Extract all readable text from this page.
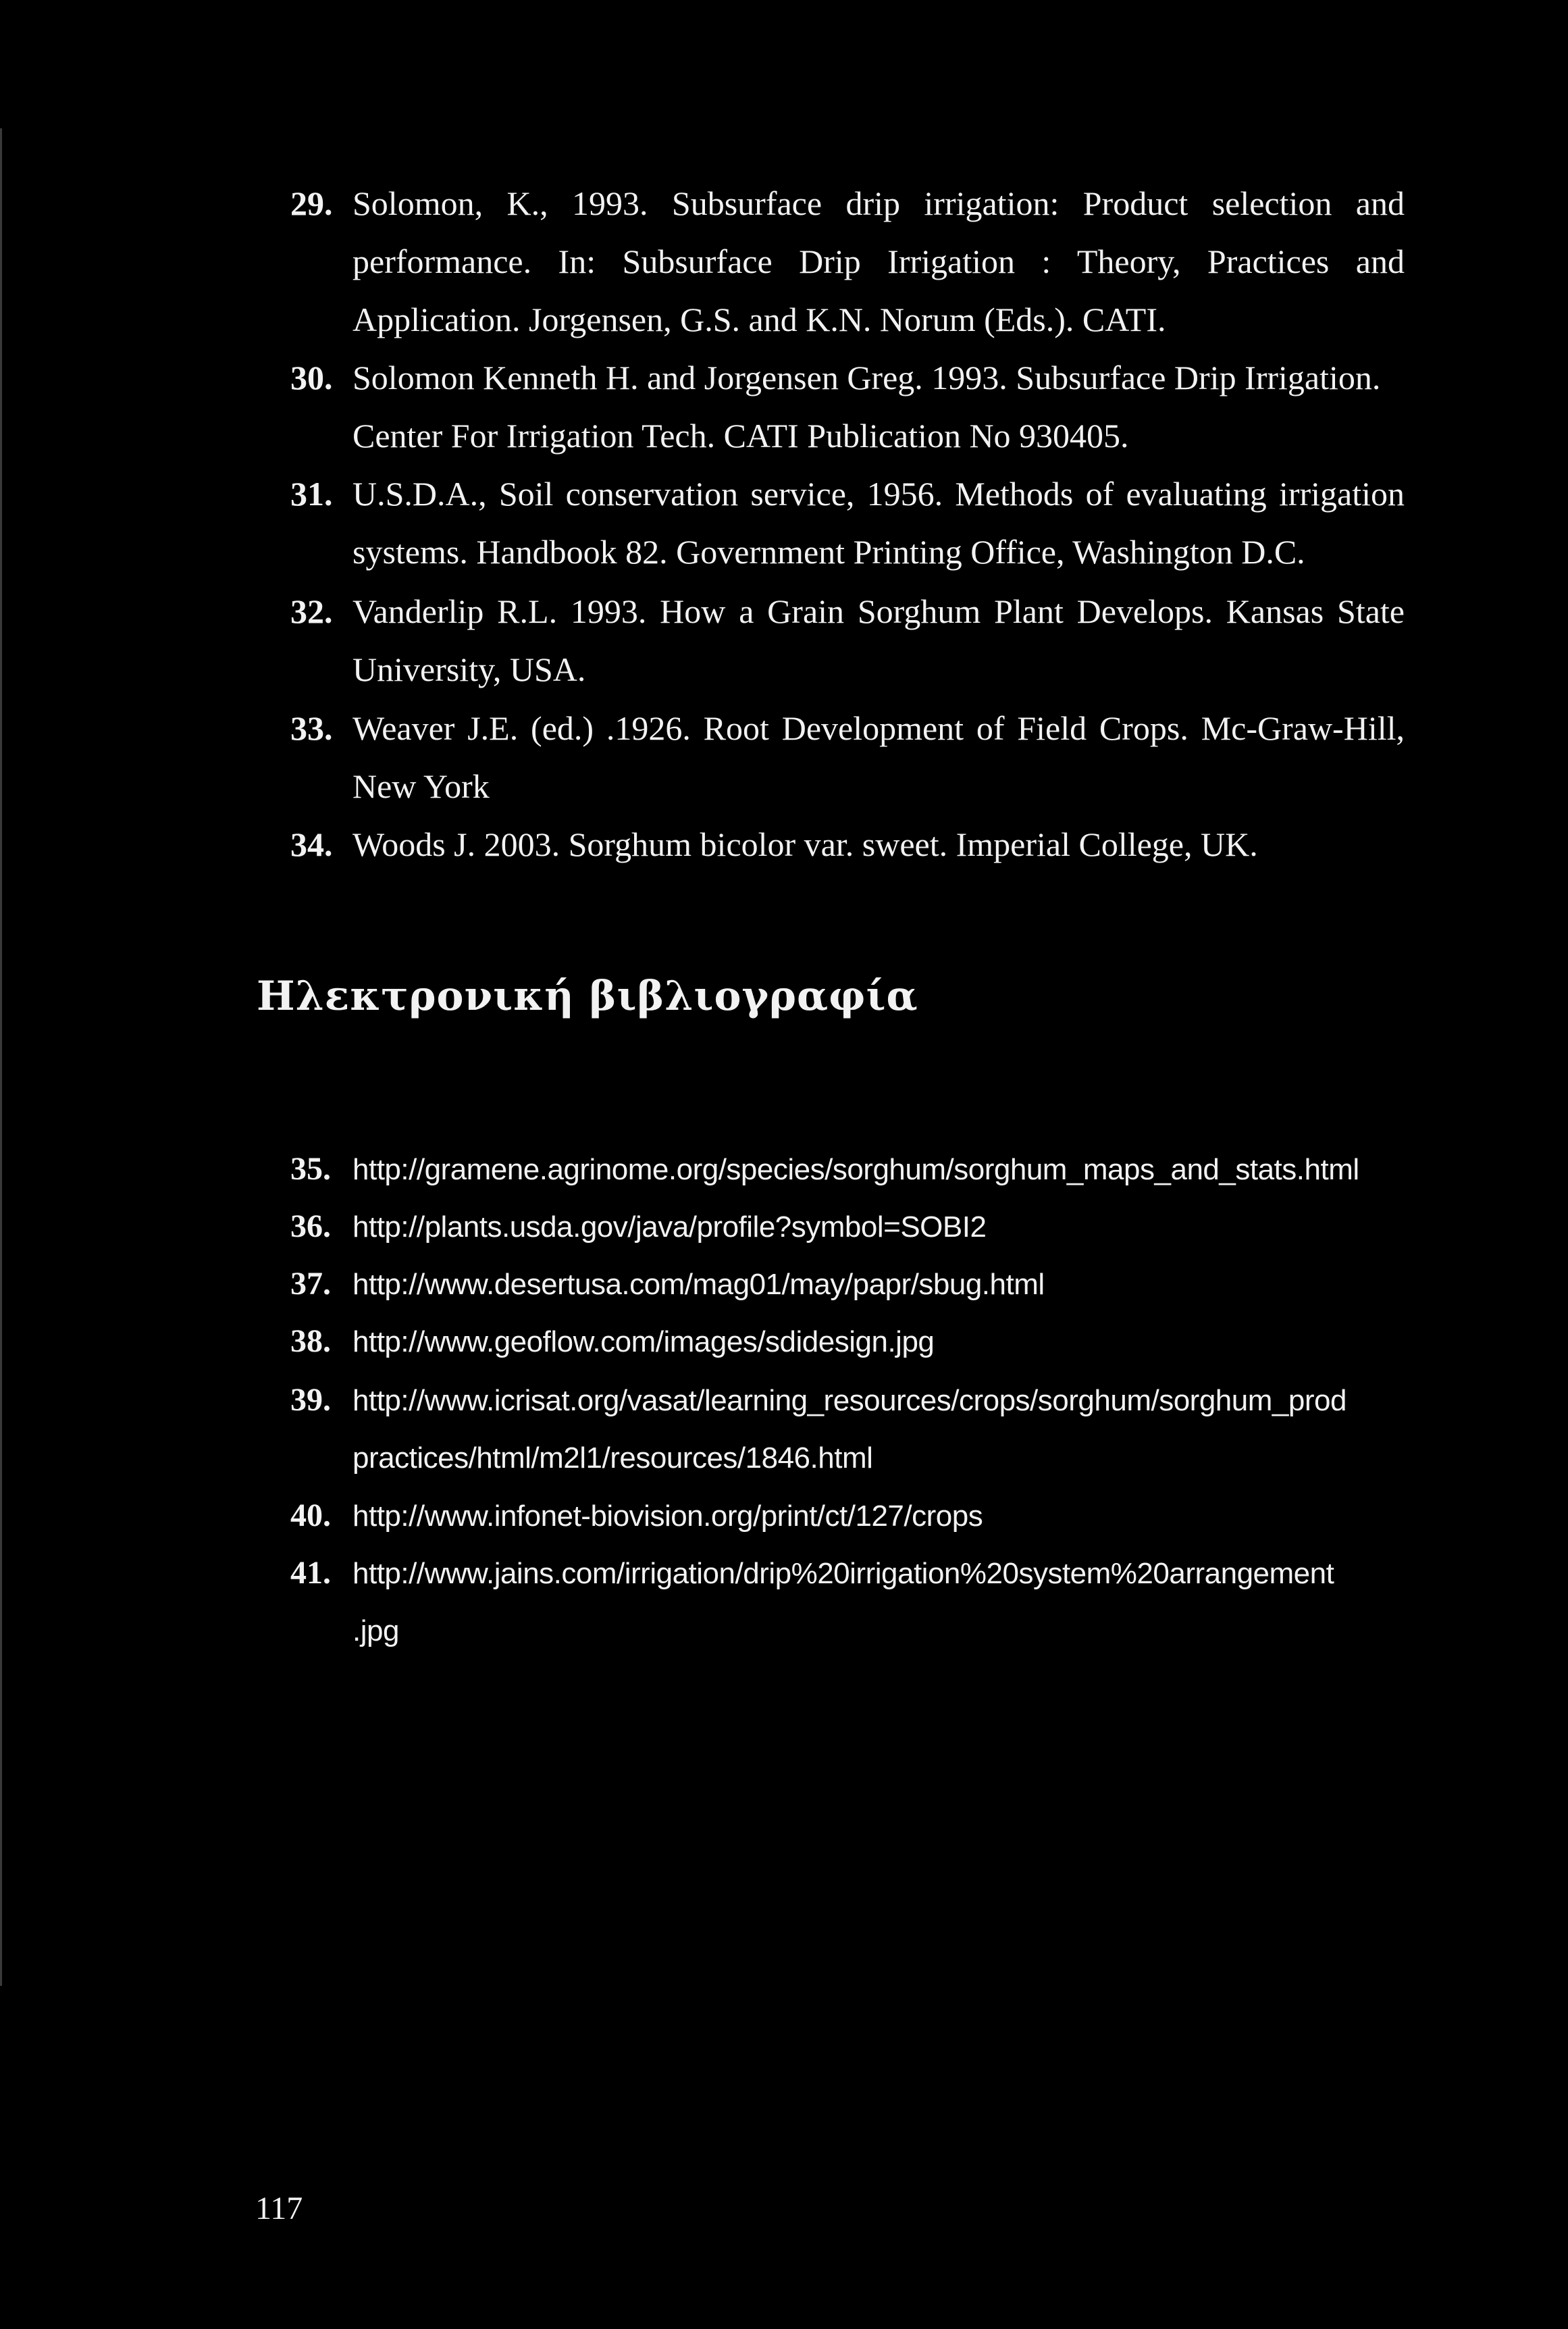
29. Solomon, K., 1993. Subsurface drip irrigation: Product selection and
performance. In: Subsurface Drip Irrigation : Theory, Practices and
Application. Jorgensen, G.S. and K.N. Norum (Eds.). CATI.
30. Solomon Kenneth H. and Jorgensen Greg. 1993. Subsurface Drip Irrigation.
Center For Irrigation Tech. CATI Publication No 930405.
31. U.S.D.A., Soil conservation service, 1956. Methods of evaluating irrigation
systems. Handbook 82. Government Printing Office, Washington D.C.
32. Vanderlip R.L. 1993. How a Grain Sorghum Plant Develops. Kansas State
University, USA.
33. Weaver J.E. (ed.) .1926. Root Development of Field Crops. Mc-Graw-Hill,
New York
34. Woods J. 2003. Sorghum bicolor var. sweet. Imperial College, UK.
Ηλεκτρονική βιβλιογραφία
35. http://gramene.agrinome.org/species/sorghum/sorghum_maps_and_stats.html
36. http://plants.usda.gov/java/profile?symbol=SOBI2
37. http://www.desertusa.com/mag01/may/papr/sbug.html
38. http://www.geoflow.com/images/sdidesign.jpg
39. http://www.icrisat.org/vasat/learning_resources/crops/sorghum/sorghum_prod
practices/html/m2l1/resources/1846.html
40. http://www.infonet-biovision.org/print/ct/127/crops
41. http://www.jains.com/irrigation/drip%20irrigation%20system%20arrangement
.jpg
117
